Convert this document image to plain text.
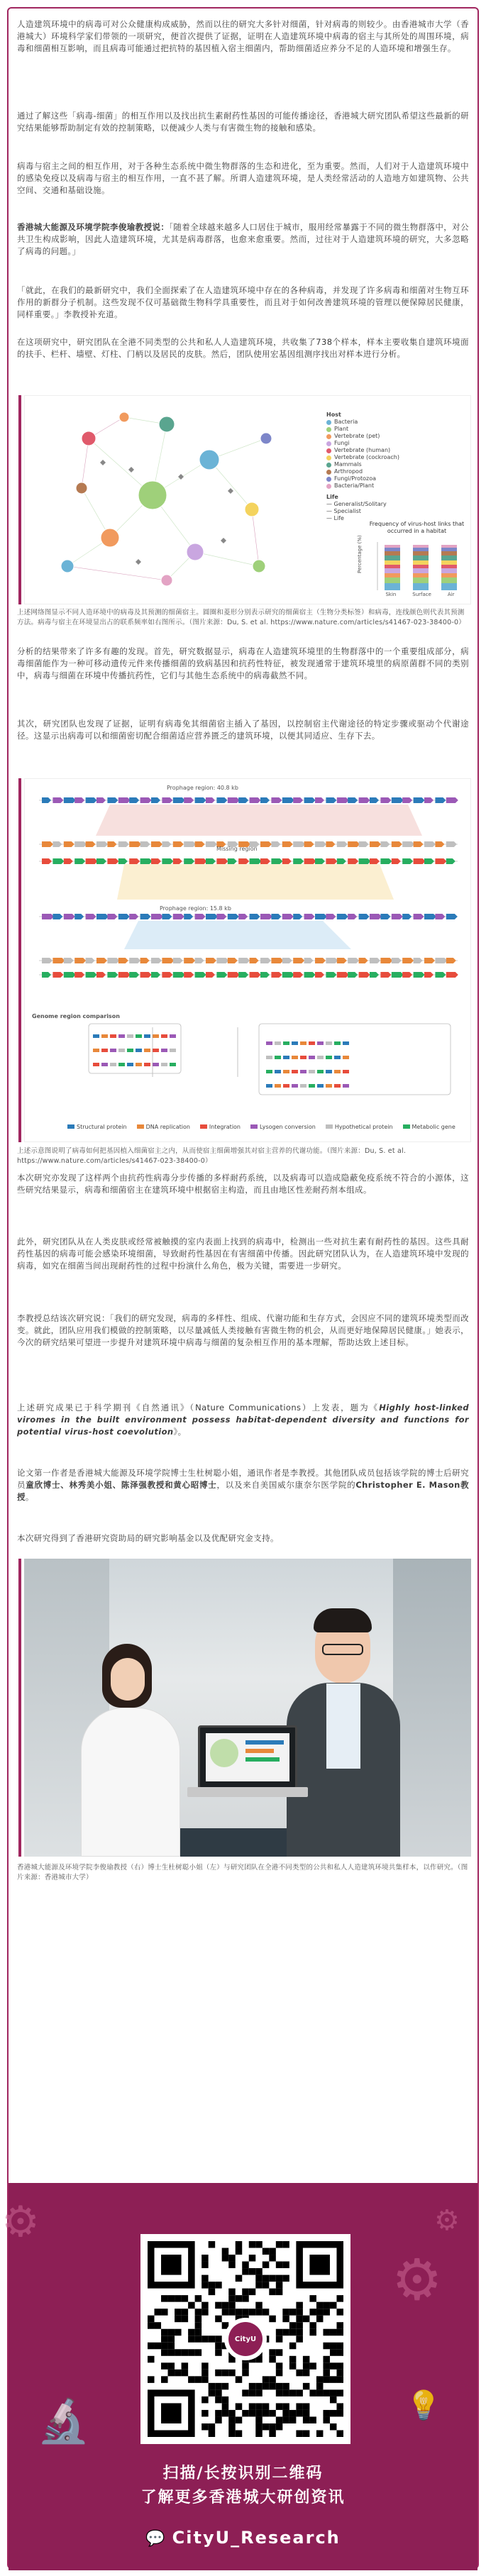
人造建筑环境中的病毒可对公众健康构成威胁，然而以往的研究大多针对细菌，针对病毒的则较少。由香港城市大学（香港城大）环境科学家们带领的一项研究，便首次提供了证据，证明在人造建筑环境中病毒的宿主与其所处的周围环境，病毒和细菌相互影响，而且病毒可能通过把抗特的基因植入宿主细菌内，帮助细菌适应养分不足的人造环境和增强生存。
通过了解这些「病毒-细菌」的相互作用以及找出抗生素耐药性基因的可能传播途径，香港城大研究团队希望这些最新的研究结果能够帮助制定有效的控制策略，以便减少人类与有害微生物的接触和感染。
病毒与宿主之间的相互作用，对于各种生态系统中微生物群落的生态和进化，至为重要。然而，人们对于人造建筑环境中的感染免疫以及病毒与宿主的相互作用，一直不甚了解。所谓人造建筑环境，是人类经常活动的人造地方如建筑物、公共空间、交通和基础设施。
香港城大能源及环境学院李俊瑜教授说：「随着全球越来越多人口居住于城市，服用经常暴露于不同的微生物群落中，对公共卫生构成影响，因此人造建筑环境，尤其是病毒群落，也愈来愈重要。然而，过往对于人造建筑环境的研究，大多忽略了病毒的问题。」
「就此，在我们的最新研究中，我们全面探索了在人造建筑环境中存在的各种病毒，并发现了许多病毒和细菌对生物互环作用的新群分子机制。这些发现不仅可基础微生物科学具重要性，而且对于如何改善建筑环境的管理以便保障居民健康，同样重要。」李教授补充道。
在这项研究中，研究团队在全港不同类型的公共和私人人造建筑环境，共收集了738个样本，样本主要收集自建筑环境面的扶手、栏杆、墙壁、灯柱、门柄以及居民的皮肤。然后，团队使用宏基因组测序找出对样本进行分析。
Host
Bacteria
Plant
Vertebrate (pet)
Fungi
Vertebrate (human)
Vertebrate (cockroach)
Mammals
Arthropod
Fungi/Protozoa
Bacteria/Plant
Life
— Generalist/Solitary
— Specialist
— Life
Frequency of virus-host links that occurred in a habitat
Percentage (%)
Skin	Surface	Air
上述网络图显示不同人造环境中的病毒及其预测的细菌宿主。圆圈和菱形分别表示研究的细菌宿主（生物分类标签）和病毒，连线颜色则代表其预测方法。病毒与宿主在环境显出占的联系频率如右图所示。（图片来源：Du, S. et al. https://www.nature.com/articles/s41467-023-38400-0）
分析的结果带来了许多有趣的发现。首先，研究数据显示，病毒在人造建筑环境里的生物群落中的一个重要组成部分，病毒细菌能作为一种可移动遗传元件来传播细菌的致病基因和抗药性特征，被发现通常于建筑环境里的病原菌群不同的类别中，病毒与细菌在环境中传播抗药性，它们与其他生态系统中的病毒截然不同。
其次，研究团队也发现了证据，证明有病毒免其细菌宿主插入了基因，以控制宿主代谢途径的特定步骤或驱动个代谢途径。这显示出病毒可以和细菌密切配合细菌适应营养匮乏的建筑环境，以便其同适应、生存下去。
Prophage region: 40.8 kb
Missing region
Prophage region: 15.8 kb
Genome region comparison
Structural protein	DNA replication	Integration	Lysogen conversion	Hypothetical protein	Metabolic gene
上述示意图说明了病毒如何把基因植入细菌宿主之内，从而使宿主细菌增强其对宿主营养的代谢功能。（图片来源：Du, S. et al. https://www.nature.com/articles/s41467-023-38400-0）
本次研究亦发现了这样两个由抗药性病毒分步传播的多样耐药系统，以及病毒可以造成隐蔽免疫系统不符合的小源体，这些研究结果显示，病毒和细菌宿主在建筑环境中根据宿主构造，而且由地区性差耐药剂本组成。
此外，研究团队从在人类皮肤或经常被触摸的室内表面上找到的病毒中，检测出一些对抗生素有耐药性的基因。这些具耐药性基因的病毒可能会感染环境细菌，导致耐药性基因在有害细菌中传播。因此研究团队认为，在人造建筑环境中发现的病毒，如究在细菌当间出现耐药性的过程中扮演什么角色，极为关键，需要进一步研究。
李教授总结该次研究说：「我们的研究发现，病毒的多样性、组成、代谢功能和生存方式，会因应不同的建筑环境类型而改变。就此，团队应用我们模做的控制策略，以尽量减低人类接触有害微生物的机会，从而更好地保障居民健康。」她表示，今次的研究结果可望进一步提升对建筑环境中病毒与细菌的复杂相互作用的基本理解，帮助达致上述目标。
上述研究成果已于科学期刊《自然通讯》（Nature Communications）上发表，题为《Highly host-linked viromes in the built environment possess habitat-dependent diversity and functions for potential virus-host coevolution》。
论文第一作者是香港城大能源及环境学院博士生杜树聪小姐，通讯作者是李教授。其他团队成员包括该学院的博士后研究员童欣博士、林秀美小姐、陈泽强教授和黄心昭博士，以及来自美国威尔康奈尔医学院的Christopher E. Mason教授。
本次研究得到了香港研究资助局的研究影响基金以及优配研究金支持。
香港城大能源及环境学院李俊瑜教授（右）博士生杜树聪小姐（左）与研究团队在全港不同类型的公共和私人人造建筑环境共集样本，以作研究。（图片来源：香港城市大学）
⚙
⚙
⚙
🔬	💡
CityU
扫描/长按识别二维码
了解更多香港城大研创资讯
💬 CityU_Research
